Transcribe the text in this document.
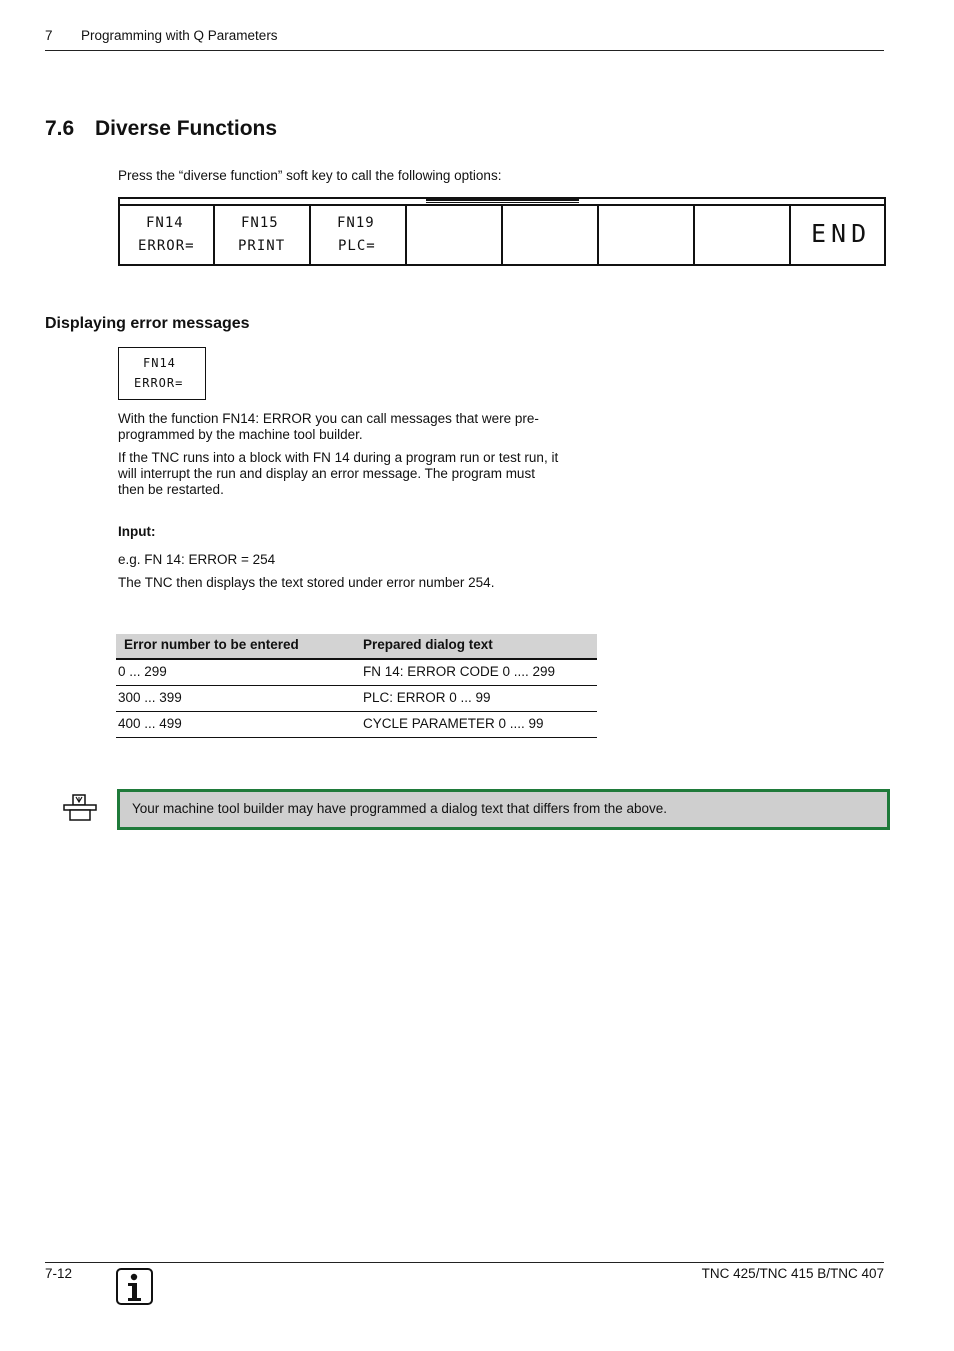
7 Programming with Q Parameters
7.6 Diverse Functions
Press the “diverse function” soft key to call the following options:
FN14
ERROR=
FN15
PRINT
FN19
PLC=	END
Displaying error messages
FN14
ERROR=
With the function FN14: ERROR you can call messages that were pre-
programmed by the machine tool builder.
If the TNC runs into a block with FN 14 during a program run or test run, it
will interrupt the run and display an error message. The program must
then be restarted.
Input:
e.g. FN 14: ERROR = 254
The TNC then displays the text stored under error number 254.
Error number to be entered	Prepared dialog text
0 ... 299	FN 14: ERROR CODE 0 .... 299
300 ... 399	PLC: ERROR 0 ... 99
400 ... 499	CYCLE PARAMETER 0 .... 99
Your machine tool builder may have programmed a dialog text that differs from the above.
7-12	TNC 425/TNC 415 B/TNC 407
